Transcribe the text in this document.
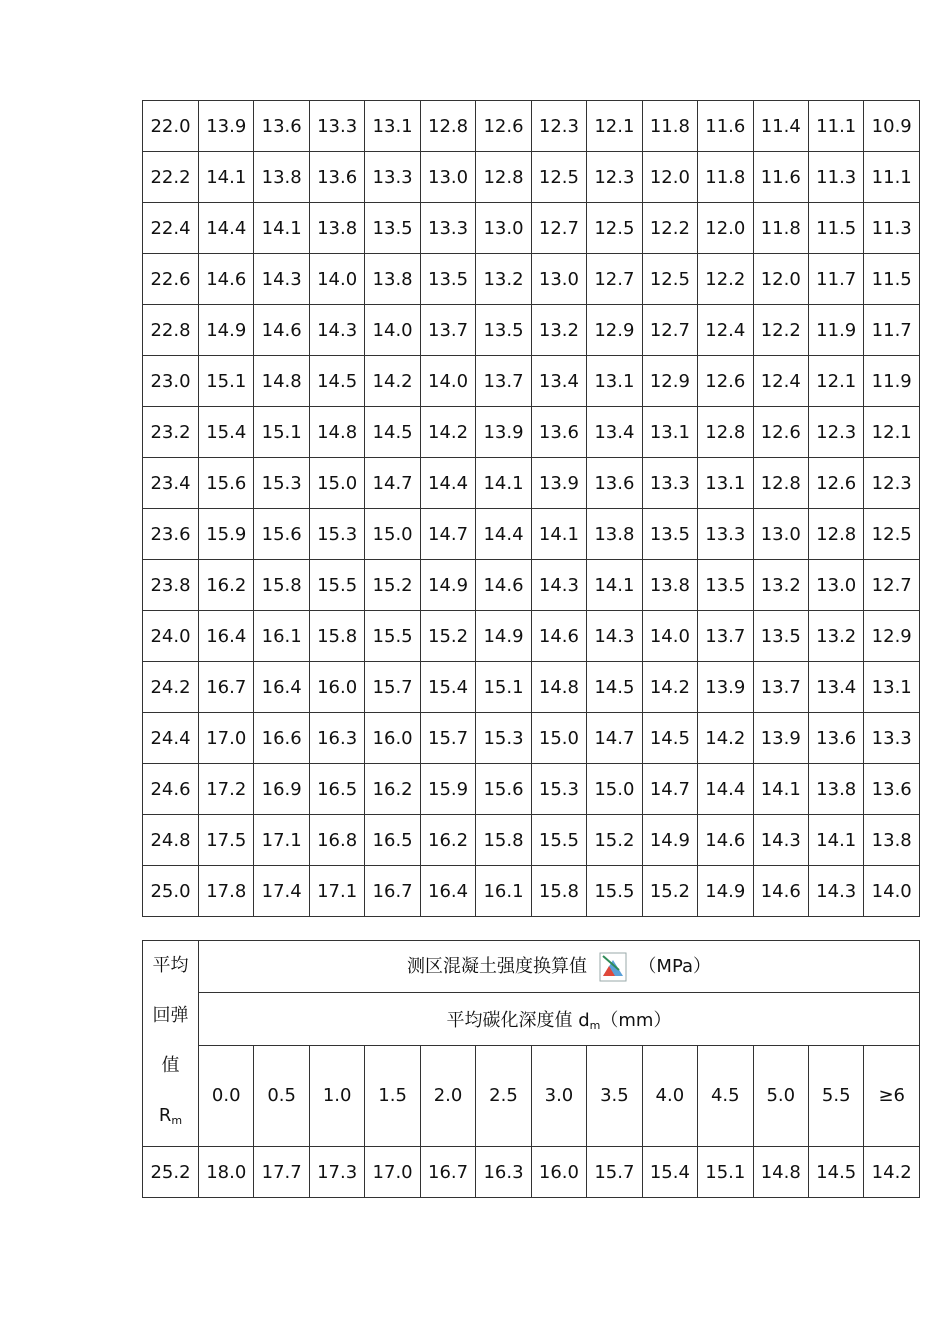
22.0	13.9	13.6	13.3	13.1	12.8	12.6	12.3	12.1	11.8	11.6	11.4	11.1	10.9
22.2	14.1	13.8	13.6	13.3	13.0	12.8	12.5	12.3	12.0	11.8	11.6	11.3	11.1
22.4	14.4	14.1	13.8	13.5	13.3	13.0	12.7	12.5	12.2	12.0	11.8	11.5	11.3
22.6	14.6	14.3	14.0	13.8	13.5	13.2	13.0	12.7	12.5	12.2	12.0	11.7	11.5
22.8	14.9	14.6	14.3	14.0	13.7	13.5	13.2	12.9	12.7	12.4	12.2	11.9	11.7
23.0	15.1	14.8	14.5	14.2	14.0	13.7	13.4	13.1	12.9	12.6	12.4	12.1	11.9
23.2	15.4	15.1	14.8	14.5	14.2	13.9	13.6	13.4	13.1	12.8	12.6	12.3	12.1
23.4	15.6	15.3	15.0	14.7	14.4	14.1	13.9	13.6	13.3	13.1	12.8	12.6	12.3
23.6	15.9	15.6	15.3	15.0	14.7	14.4	14.1	13.8	13.5	13.3	13.0	12.8	12.5
23.8	16.2	15.8	15.5	15.2	14.9	14.6	14.3	14.1	13.8	13.5	13.2	13.0	12.7
24.0	16.4	16.1	15.8	15.5	15.2	14.9	14.6	14.3	14.0	13.7	13.5	13.2	12.9
24.2	16.7	16.4	16.0	15.7	15.4	15.1	14.8	14.5	14.2	13.9	13.7	13.4	13.1
24.4	17.0	16.6	16.3	16.0	15.7	15.3	15.0	14.7	14.5	14.2	13.9	13.6	13.3
24.6	17.2	16.9	16.5	16.2	15.9	15.6	15.3	15.0	14.7	14.4	14.1	13.8	13.6
24.8	17.5	17.1	16.8	16.5	16.2	15.8	15.5	15.2	14.9	14.6	14.3	14.1	13.8
25.0	17.8	17.4	17.1	16.7	16.4	16.1	15.8	15.5	15.2	14.9	14.6	14.3	14.0
平均
回弹
值
$R_m$	测区混凝土强度换算值 （MPa）												
	平均碳化深度值 $d_m(mm)$												
	0.0	0.5	1.0	1.5	2.0	2.5	3.0	3.5	4.0	4.5	5.0	5.5	≥6
25.2	18.0	17.7	17.3	17.0	16.7	16.3	16.0	15.7	15.4	15.1	14.8	14.5	14.2
